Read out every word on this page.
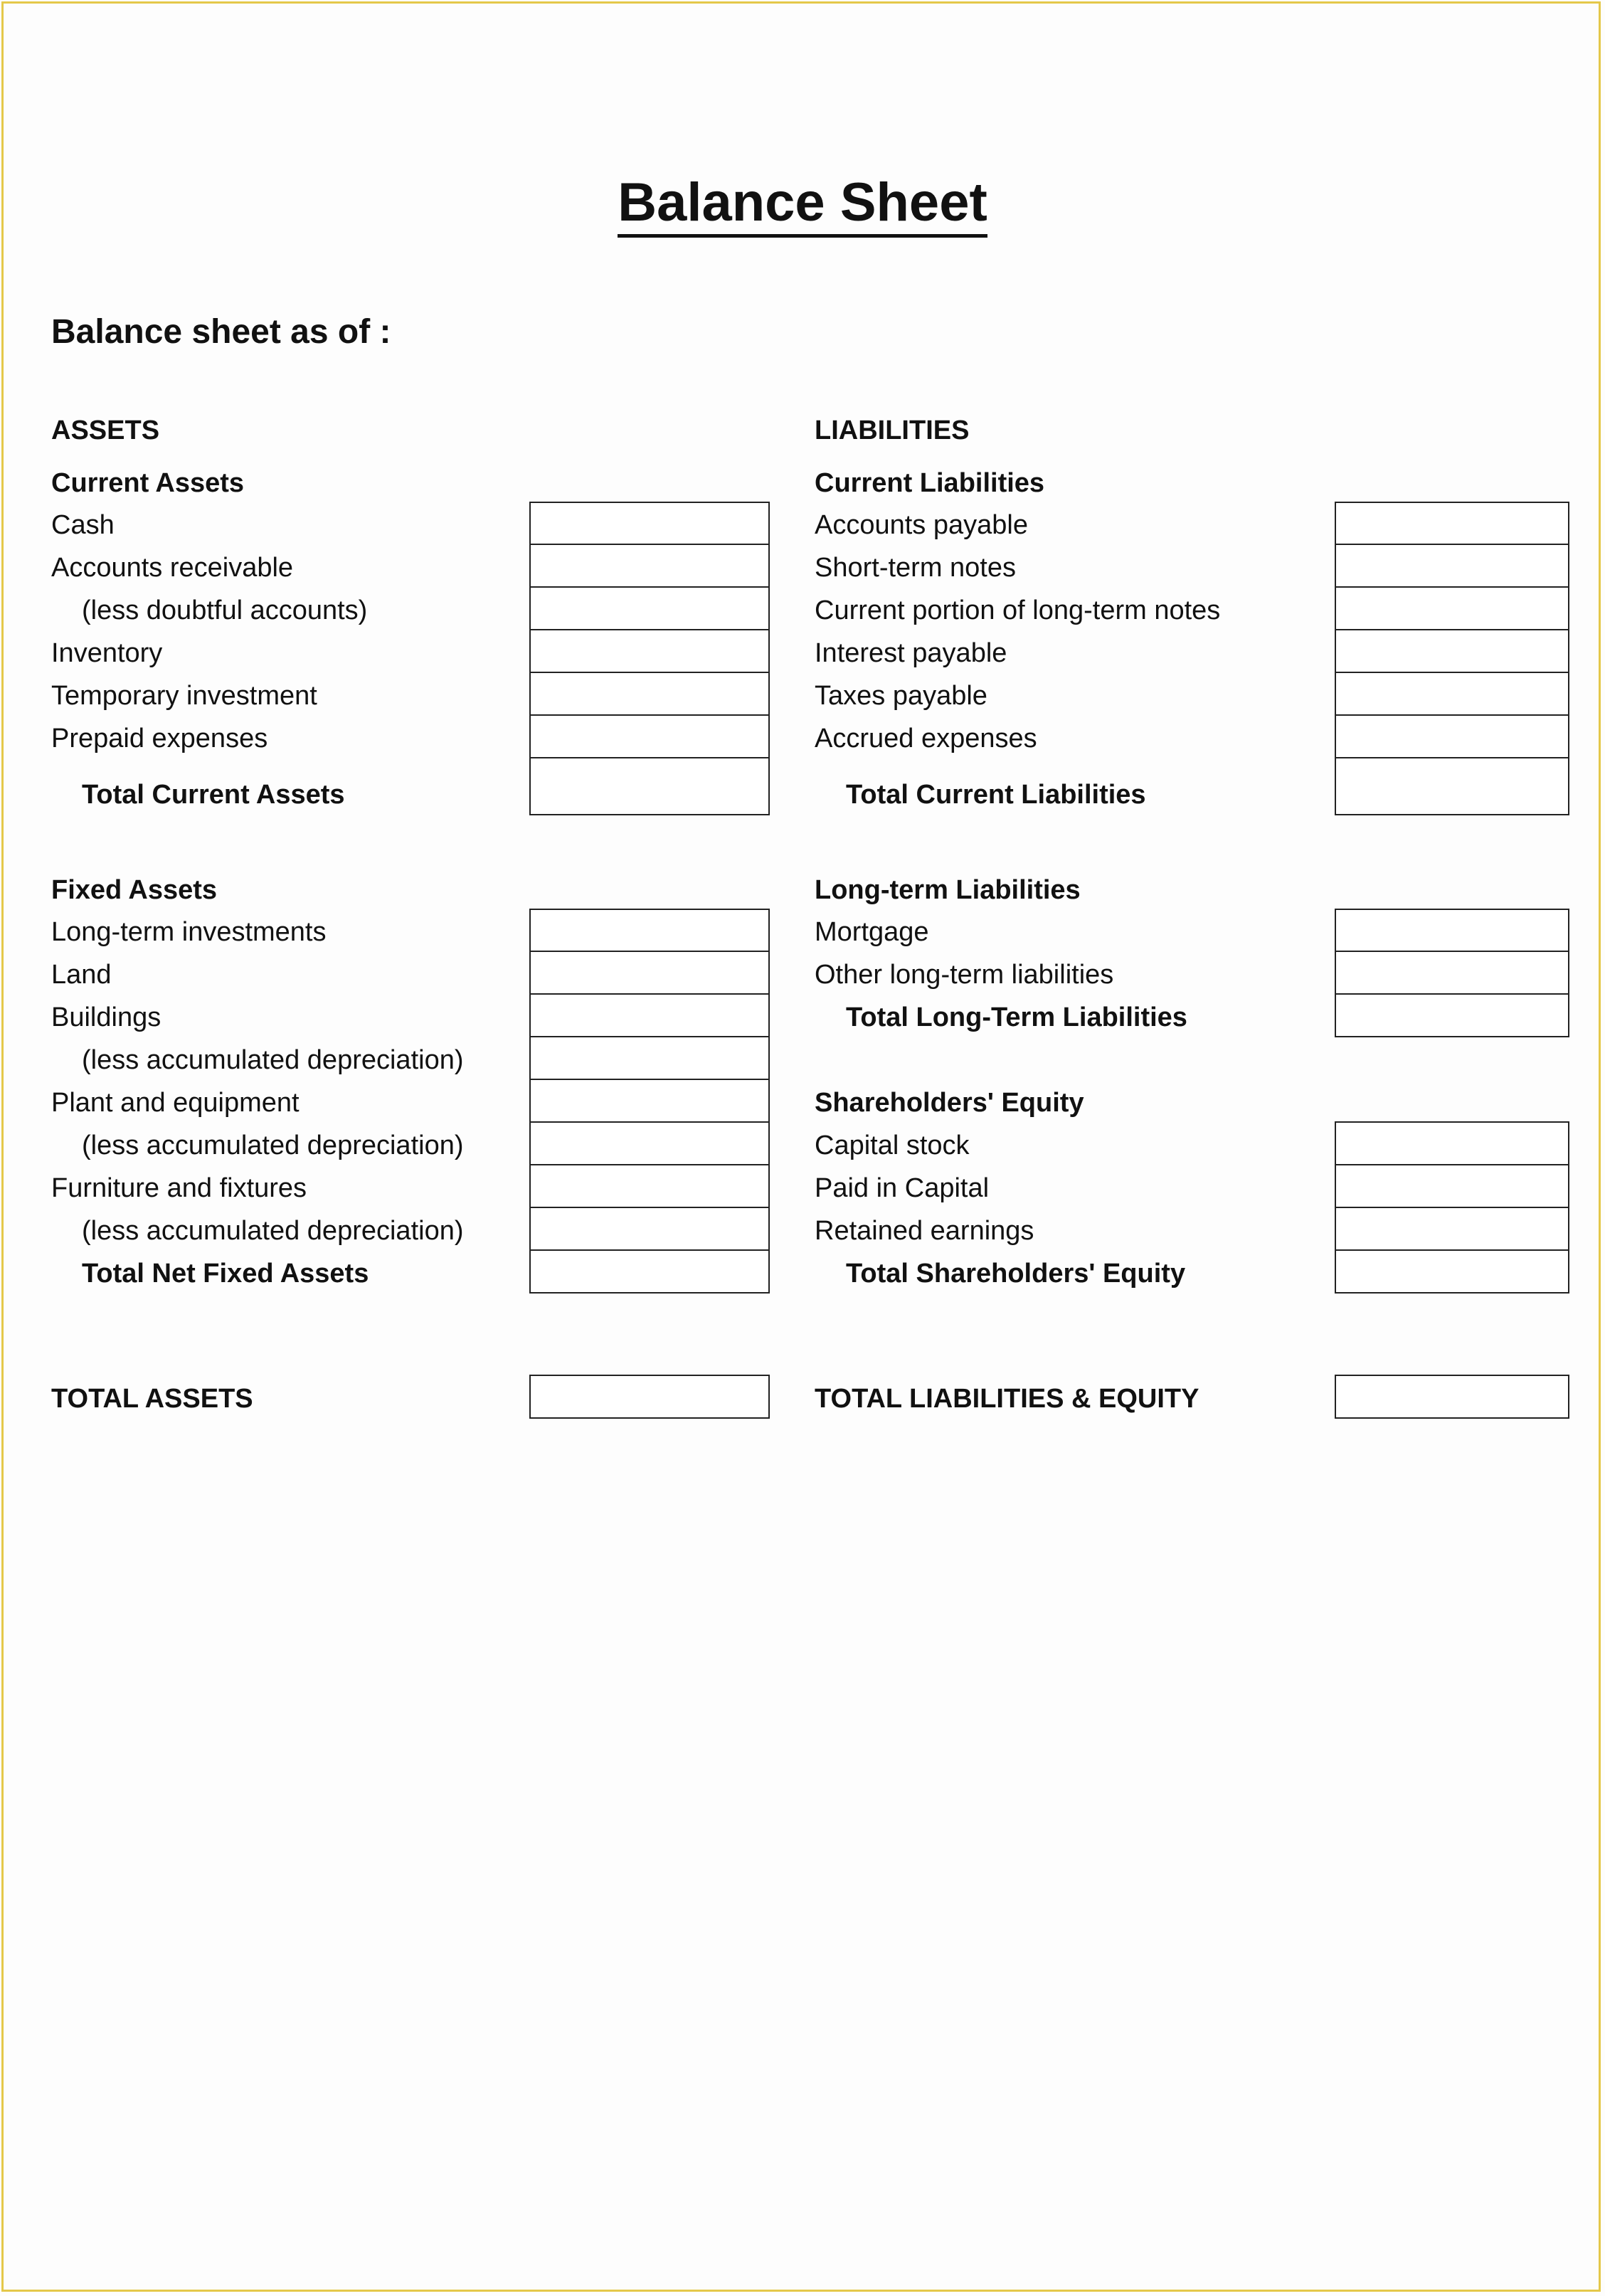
Balance Sheet
Balance sheet as of :
ASSETS
Current Assets
Cash
Accounts receivable
(less doubtful accounts)
Inventory
Temporary investment
Prepaid expenses
Total Current Assets
Fixed Assets
Long-term investments
Land
Buildings
(less accumulated depreciation)
Plant and equipment
(less accumulated depreciation)
Furniture and fixtures
(less accumulated depreciation)
Total Net Fixed Assets
TOTAL ASSETS
LIABILITIES
Current Liabilities
Accounts payable
Short-term notes
Current portion of long-term notes
Interest payable
Taxes payable
Accrued expenses
Total Current Liabilities
Long-term Liabilities
Mortgage
Other long-term liabilities
Total Long-Term Liabilities
Shareholders' Equity
Capital stock
Paid in Capital
Retained earnings
Total Shareholders' Equity
TOTAL LIABILITIES & EQUITY
